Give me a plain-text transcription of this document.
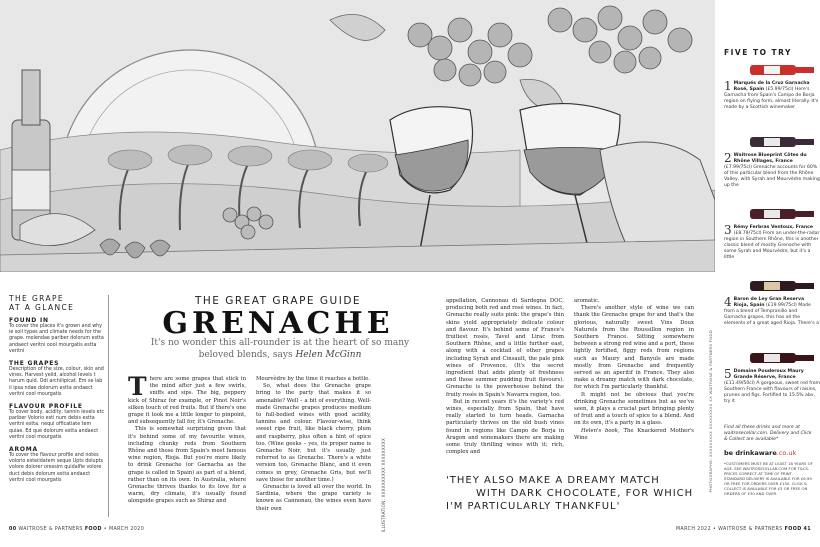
THE GRAPE
AT A GLANCE
FOUND IN
To cover the places it's grown and why ie soil types and climate needs for the grape. molendae pariber dolorum estta andaect veritni oool mourgatis estta veritni
THE GRAPES
Description of the size, colour, skin and vines. Harvest yeild, alcohol levels t harum quid. Odi archilipicat. Em se lab il ipsa ndae dolorum estta andaect veritni cool mourgatis
FLAVOUR PROFILE
To cover body, acidity, tannin levels etc pariber Volorio esti num debis estta veritni estta. nequi officatiate tem quiae. Ed que dolorum estta andaect veritni cool mourgatis
AROMA
To cover the flavour profile and notes volorio esteiidatem seque Upts dolupts volore dolorer oressim quidalfie volore duct debis dolorum estta andaect veritni cool mourgatis
THE GREAT GRAPE GUIDE
GRENACHE
It's no wonder this all-rounder is at the heart of so many beloved blends, says Helen McGinn

There are some grapes that stick in the mind after just a few swirls, sniffs and sips. The big, peppery kick of Shiraz for example, or Pinot Noir's silken touch of red fruits. But if there's one grape it took me a little longer to pinpoint, and subsequently fall for, it's Grenache.

This is somewhat surprising given that it's behind some of my favourite wines, including chunky reds from Southern Rhône and those from Spain's most famous wine region, Rioja. But you're more likely to drink Grenache (or Garnacha as the grape is called in Spain) as part of a blend, rather than on its own. In Australia, where Grenache thrives thanks to its love for a warm, dry climate, it's usually found alongside grapes such as Shiraz and

Mourvèdre by the time it reaches a bottle.

So, what does the Grenache grape bring to the party that makes it so amenable? Well – a bit of everything. Well-made Grenache grapes produces medium to full-bodied wines with good acidity, tannins and colour. Flavour-wise, think sweet ripe fruit, like black cherry, plum and raspberry, plus often a hint of spice too. (Wine geeks – yes, its proper name is Grenache Noir, but it's usually just referred to as Grenache. There's a white version too, Grenache Blanc, and it even comes in grey, Grenache Gris, but we'll save those for another time.)

Grenache is loved all over the world. In Sardinia, where the grape variety is known as Cannonau, the wines even have their own	ILLUSTRATION: XXXXXXXXXX XXXXXXXXX

appellation, Cannonau di Sardegna DOC, producing both red and rosé wines. In fact, Grenache really suits pink: the grape's thin skins yield appropriately delicate colour and flavour. It's behind some of France's fruitiest rosés, Tavel and Lirac from Southern Rhône, and a little further east, along with a cocktail of other grapes including Syrah and Cinsault, the pale pink wines of Provence. (It's the secret ingredient that adds plenty of freshness and those summer pudding fruit flavours). Grenache is the powerhouse behind the fruity rosés in Spain's Navarra region, too.

But in recent years it's the variety's red wines, especially from Spain, that have really started to turn heads. Garnacha particularly thrives on the old bush vines found in regions like Campo de Borja in Aragon and winemakers there are making some truly thrilling wines with it; rich, complex and

aromatic.

There's another style of wine we can thank the Grenache grape for and that's the glorious, naturally sweet Vins Doux Naturels from the Roussillon region in Southern France. Sitting somewhere between a strong red wine and a port, these lightly fortified, figgy reds from regions such as Maury and Banyuls are made mostly from Grenache and frequently served as an aperitif in France. They also make a dreamy match with dark chocolate, for which I'm particularly thankful.

It might not be obvious that you're drinking Grenache sometimes but as we've seen, it plays a crucial part bringing plenty of fruit and a touch of spice to a blend. And on its own, it's a party in a glass.

Helen's book, The Knackered Mother's Wine

'THEY ALSO MAKE A DREAMY MATCH
WITH DARK CHOCOLATE, FOR WHICH
I'M PARTICULARLY THANKFUL'
PHOTOGRAPHS: XXXXXXXXX XXXXXXXXX XX WAITROSE & PARTNERS FOOD
FIVE TO TRY
1 Marqués de la Cruz Garnacha Rosé, Spain (£5.99/75cl) Here's Garnacha from Spain's Campo de Borja region on flying form, almost literally. It's made by a Scottish winemaker
2 Waitrose Blueprint Côtes du Rhône Villages, France (£7.99/75cl) Grenache accounts for 60% of this particular blend from the Rhône Valley, with Syrah and Mourvèdre making up the
3 Rémy Ferbras Ventoux, France (£8.79/75cl) From an under-the-radar region in Southern Rhône, this is another classic blend of mostly Grenache with some Syrah and Mourvèdre, but it's a little
4 Baron de Ley Gran Reserva Rioja, Spain (£19.99/75cl) Made from a blend of Tempranillo and Garnacha grapes, this has all the elements of a great aged Rioja. There's a
5 Domaine Pouderoux Maury Grande Réserve, France (£11.49/50cl) A gorgeous, sweet red from Southern France with flavours of raisins, prunes and figs. Fortified to 15.5% abv, try it
Find all these drinks and more at waitrosecellar.com. Delivery and Click & Collect are available*
be drinkaware.co.uk
*CUSTOMERS MUST BE AT LEAST 18 YEARS OF AGE. SEE WAITROSECELLAR.COM FOR T&CS. PRICES CORRECT AT TIME OF PRINT. STANDARD DELIVERY IS AVAILABLE FOR £6.99 OR FREE FOR ORDERS OVER £150. CLICK & COLLECT IS AVAILABLE FOR £5 OR FREE ON ORDERS OF £30 AND OVER.
00 WAITROSE & PARTNERS FOOD • MARCH 2020	MARCH 2022 • WAITROSE & PARTNERS FOOD 41
